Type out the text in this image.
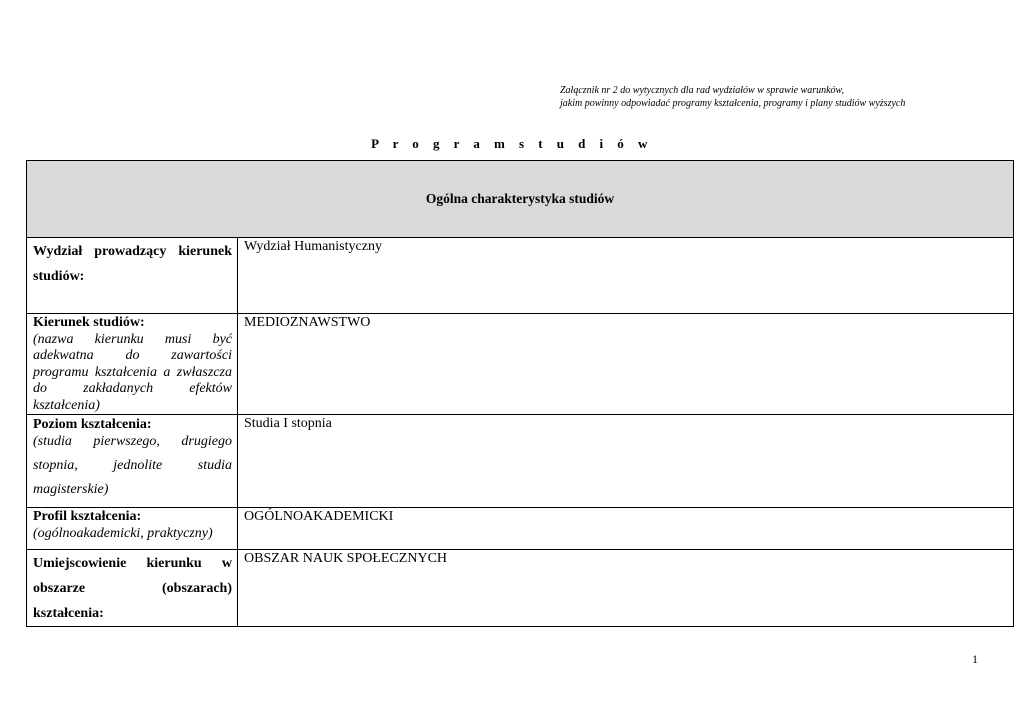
Załącznik nr 2 do wytycznych dla rad wydziałów w sprawie warunków,
jakim powinny odpowiadać programy kształcenia, programy i plany studiów wyższych
P r o g r a m s t u d i ó w
Ogólna charakterystyka studiów	

Wydział prowadzący kierunek studiów:	Wydział Humanistyczny

Kierunek studiów:
(nazwa kierunku musi być adekwatna do zawartości programu kształcenia a zwłaszcza do zakładanych efektów kształcenia)	MEDIOZNAWSTWO

Poziom kształcenia:
(studia pierwszego, drugiego stopnia, jednolite studia magisterskie)	Studia I stopnia

Profil kształcenia:
(ogólnoakademicki, praktyczny)	OGÓLNOAKADEMICKI

Umiejscowienie kierunku w obszarze (obszarach) kształcenia:	OBSZAR NAUK SPOŁECZNYCH
1
